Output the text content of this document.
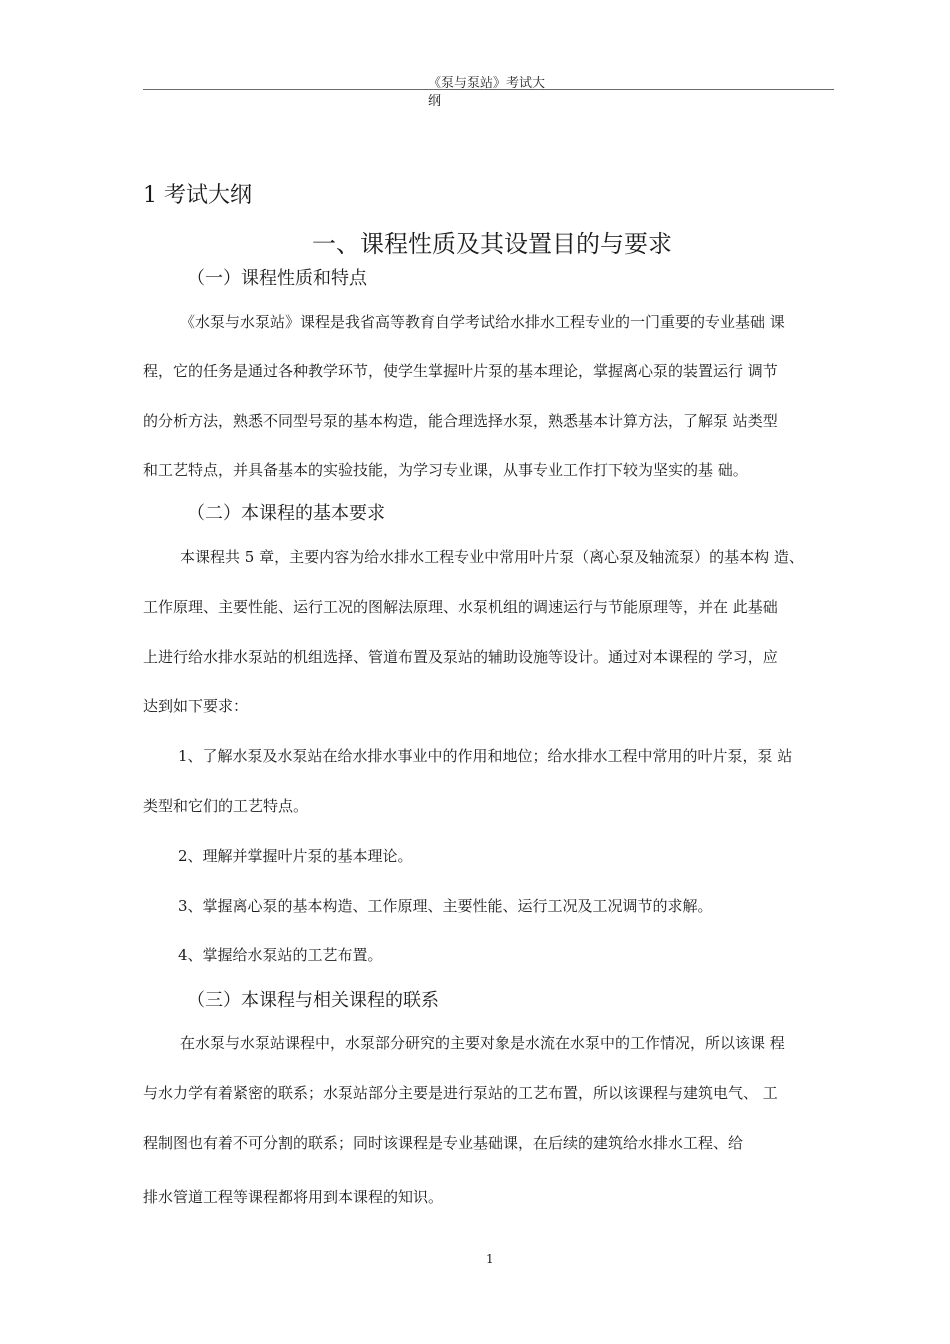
《泵与泵站》考试大
纲
1 考试大纲
一、课程性质及其设置目的与要求
（一）课程性质和特点
《水泵与水泵站》课程是我省高等教育自学考试给水排水工程专业的一门重要的专业基础 课
程，它的任务是通过各种教学环节，使学生掌握叶片泵的基本理论，掌握离心泵的装置运行 调节
的分析方法，熟悉不同型号泵的基本构造，能合理选择水泵，熟悉基本计算方法，了解泵 站类型
和工艺特点，并具备基本的实验技能，为学习专业课，从事专业工作打下较为坚实的基 础。
（二）本课程的基本要求
本课程共 5 章，主要内容为给水排水工程专业中常用叶片泵（离心泵及轴流泵）的基本构 造、
工作原理、主要性能、运行工况的图解法原理、水泵机组的调速运行与节能原理等，并在 此基础
上进行给水排水泵站的机组选择、管道布置及泵站的辅助设施等设计。通过对本课程的 学习，应
达到如下要求：
1、了解水泵及水泵站在给水排水事业中的作用和地位；给水排水工程中常用的叶片泵，泵 站
类型和它们的工艺特点。
2、理解并掌握叶片泵的基本理论。
3、掌握离心泵的基本构造、工作原理、主要性能、运行工况及工况调节的求解。
4、掌握给水泵站的工艺布置。
（三）本课程与相关课程的联系
在水泵与水泵站课程中，水泵部分研究的主要对象是水流在水泵中的工作情况，所以该课 程
与水力学有着紧密的联系；水泵站部分主要是进行泵站的工艺布置，所以该课程与建筑电气、 工
程制图也有着不可分割的联系；同时该课程是专业基础课，在后续的建筑给水排水工程、给
排水管道工程等课程都将用到本课程的知识。
1
